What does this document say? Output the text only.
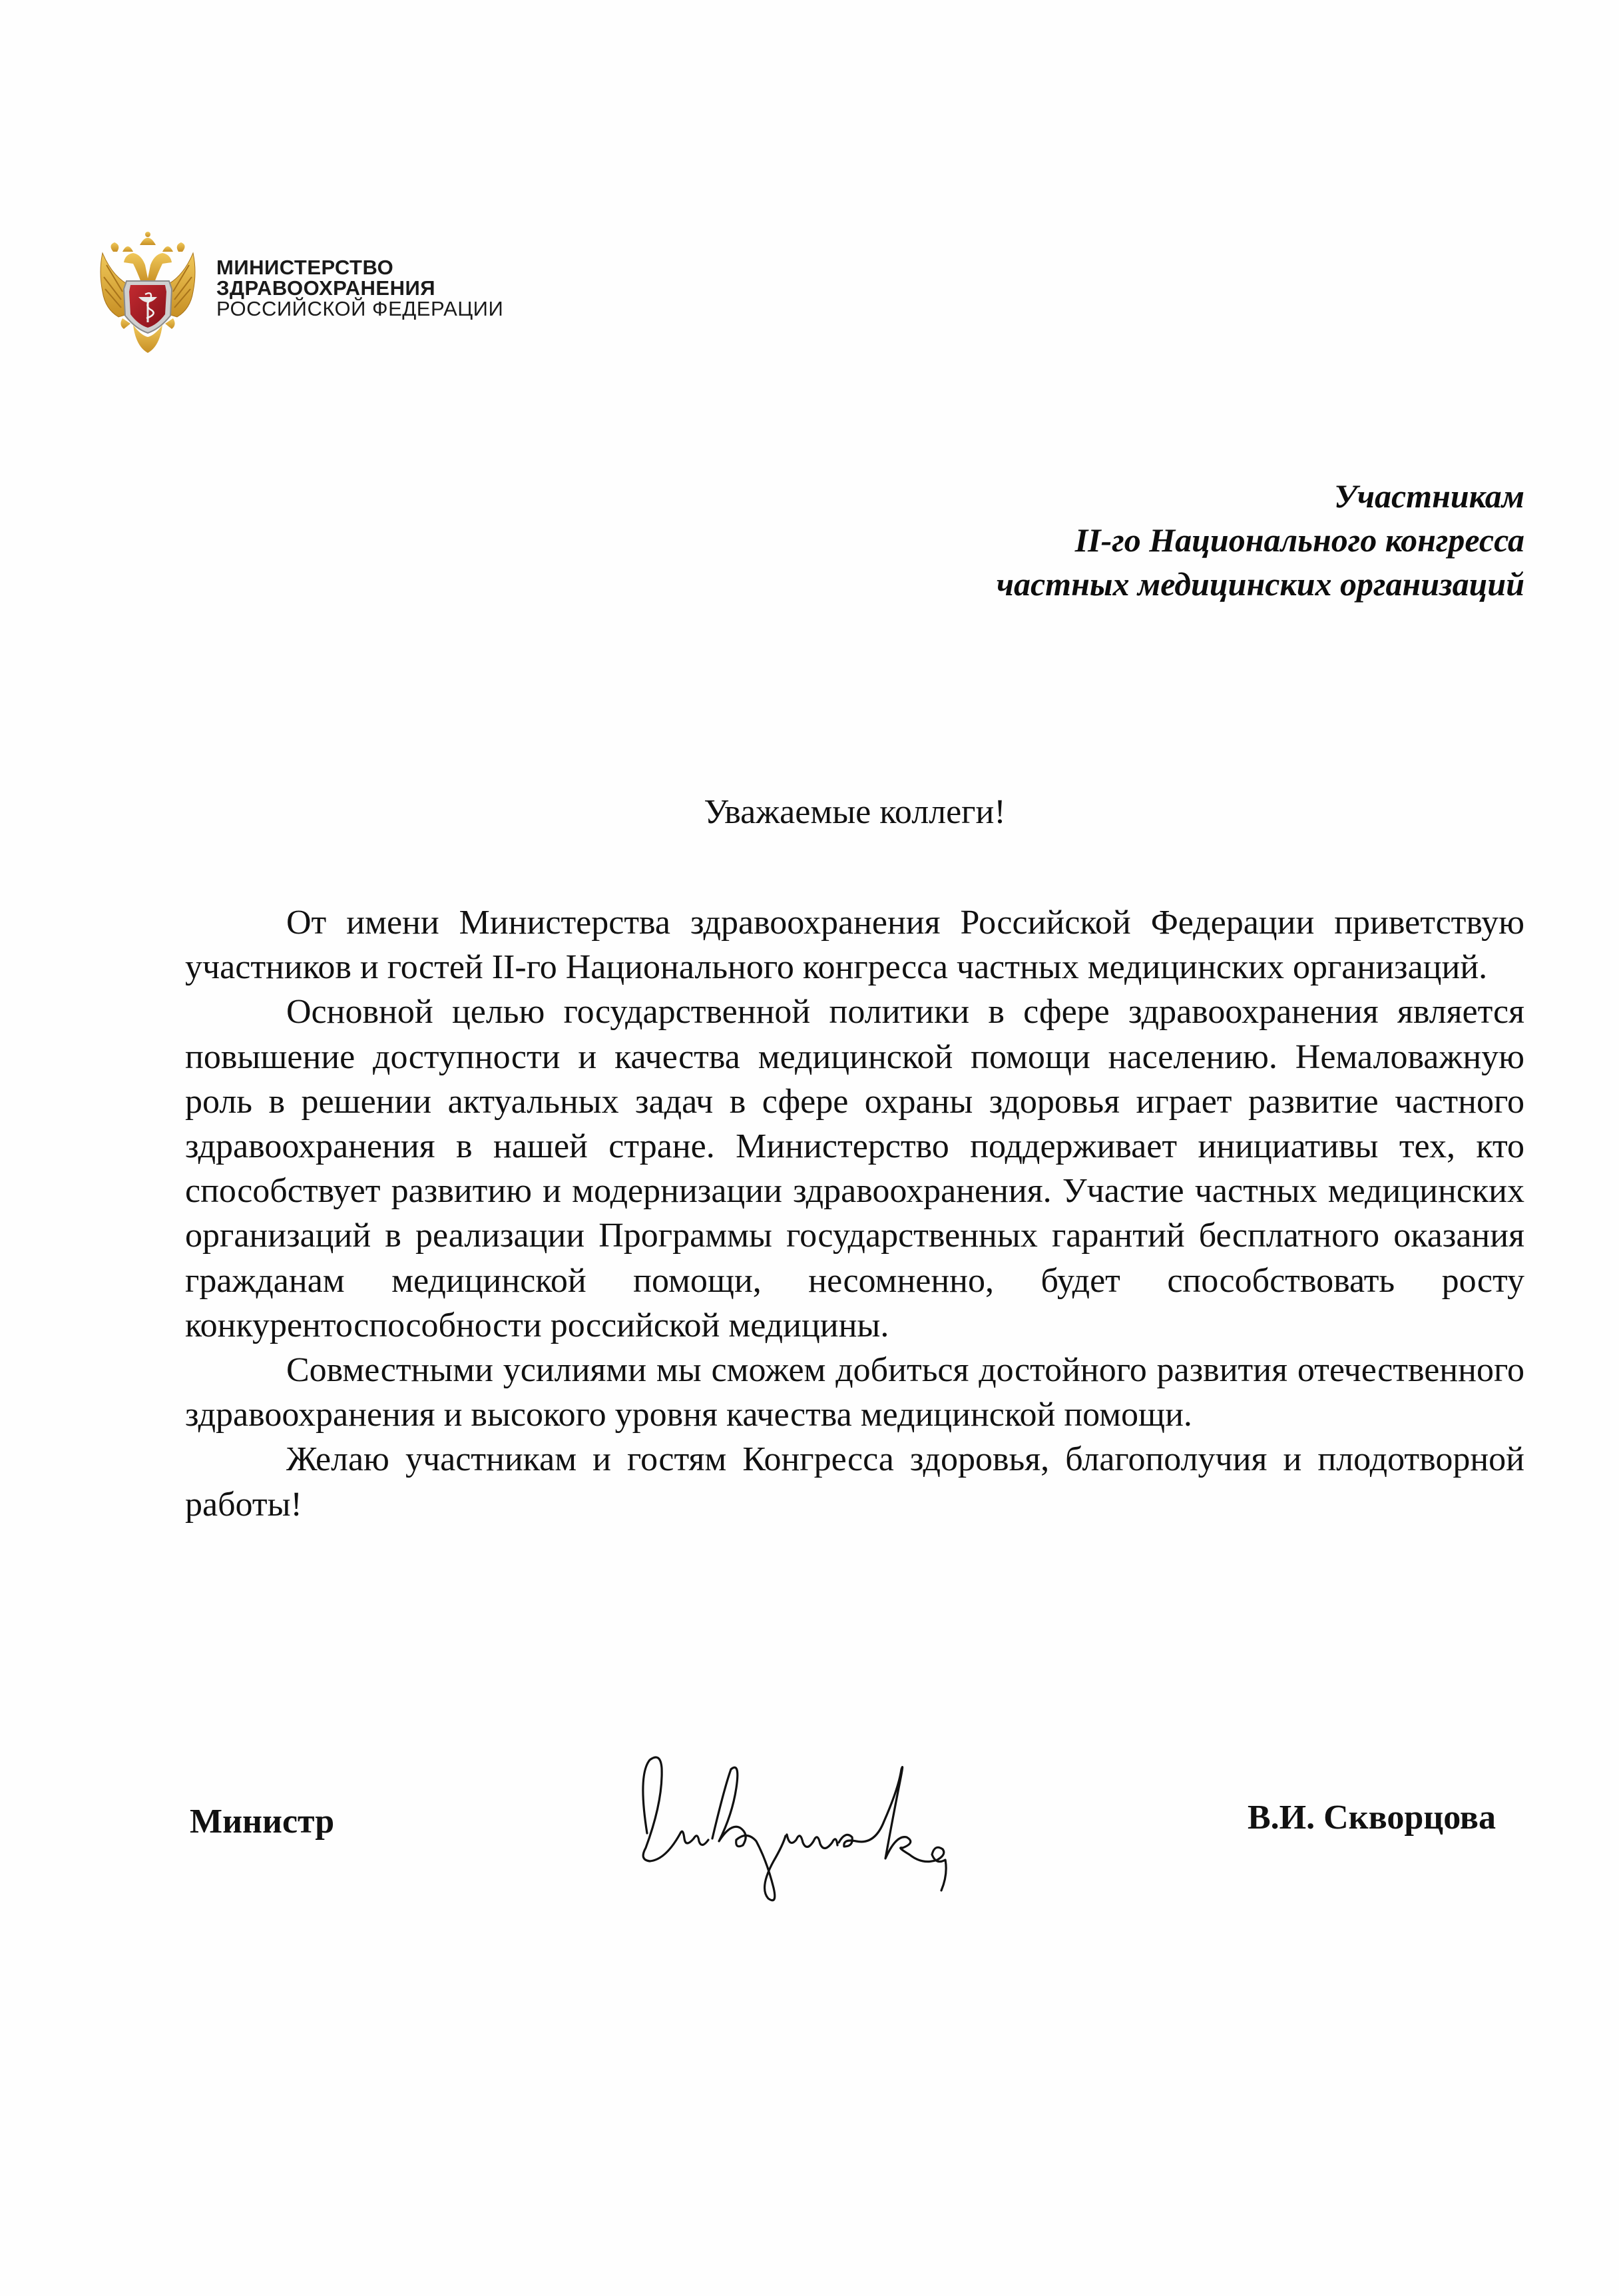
МИНИСТЕРСТВО
ЗДРАВООХРАНЕНИЯ
РОССИЙСКОЙ ФЕДЕРАЦИИ
Участникам
II-го Национального конгресса
частных медицинских организаций
Уважаемые коллеги!

От имени Министерства здравоохранения Российской Федерации приветствую участников и гостей II-го Национального конгресса частных медицинских организаций.

Основной целью государственной политики в сфере здравоохранения является повышение доступности и качества медицинской помощи населению. Немаловажную роль в решении актуальных задач в сфере охраны здоровья играет развитие частного здравоохранения в нашей стране. Министерство поддерживает инициативы тех, кто способствует развитию и модернизации здравоохранения. Участие частных медицинских организаций в реализации Программы государственных гарантий бесплатного оказания гражданам медицинской помощи, несомненно, будет способствовать росту конкурентоспособности российской медицины.

Совместными усилиями мы сможем добиться достойного развития отечественного здравоохранения и высокого уровня качества медицинской помощи.

Желаю участникам и гостям Конгресса здоровья, благополучия и плодотворной работы!

Министр	В.И. Скворцова
